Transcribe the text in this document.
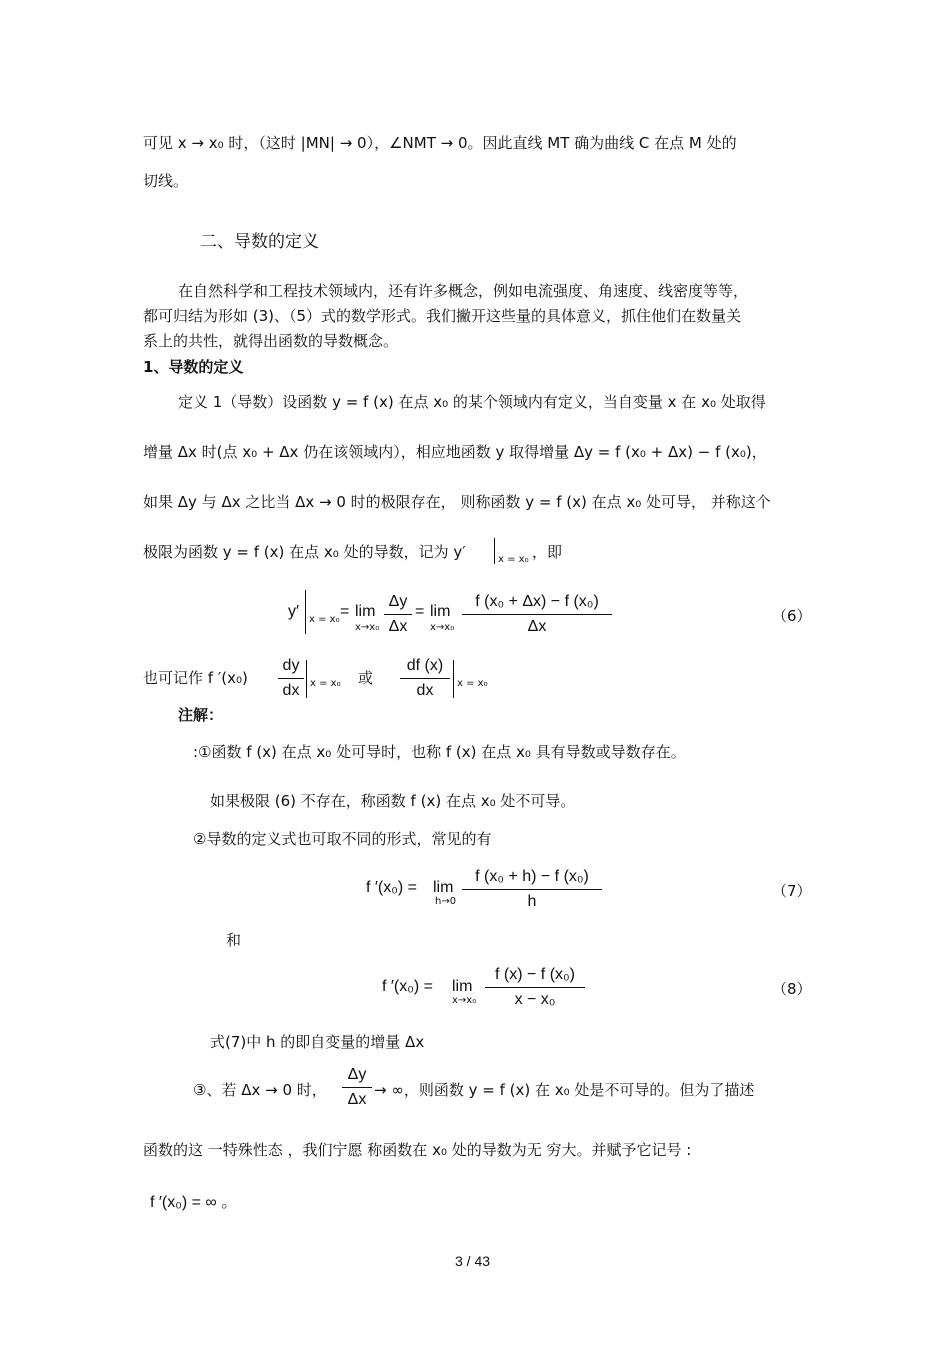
可见 x → x₀ 时，（这时 |MN| → 0），∠NMT → 0。因此直线 MT 确为曲线 C 在点 M 处的
切线。
二、导数的定义
在自然科学和工程技术领域内，还有许多概念，例如电流强度、角速度、线密度等等，
都可归结为形如 (3)、（5）式的数学形式。我们撇开这些量的具体意义，抓住他们在数量关
系上的共性，就得出函数的导数概念。
1、导数的定义
定义 1（导数）设函数 y = f (x) 在点 x₀ 的某个领域内有定义，当自变量 x 在 x₀ 处取得
增量 Δx 时(点 x₀ + Δx 仍在该领域内），相应地函数 y 取得增量 Δy = f (x₀ + Δx) − f (x₀)，
如果 Δy 与 Δx 之比当 Δx → 0 时的极限存在， 则称函数 y = f (x) 在点 x₀ 处可导， 并称这个
极限为函数 y = f (x) 在点 x₀ 处的导数，记为 y′	x = x₀ ，即
y′ x = x₀ = lim
x→x₀
Δy
Δx
= lim
x→x₀
f (x₀ + Δx) − f (x₀)
Δx
（6）
也可记作 f ′(x₀)
dy
dx	x = x₀ 或
df (x)
dx	x = x₀
注解：
:①函数 f (x) 在点 x₀ 处可导时，也称 f (x) 在点 x₀ 具有导数或导数存在。
如果极限 (6) 不存在，称函数 f (x) 在点 x₀ 处不可导。
②导数的定义式也可取不同的形式，常见的有
f ′(x₀) = lim
h→0
f (x₀ + h) − f (x₀)
h
（7）
和
f ′(x₀) = lim
x→x₀
f (x) − f (x₀)
x − x₀
（8）
式(7)中 h 的即自变量的增量 Δx
③、若 Δx → 0 时，
Δy
Δx
→ ∞，则函数 y = f (x) 在 x₀ 处是不可导的。但为了描述
函数的这 一特殊性态 ，我们宁愿 称函数在 x₀ 处的导数为无 穷大。并赋予它记号 :
f ′(x₀) = ∞ 。
3 / 43
